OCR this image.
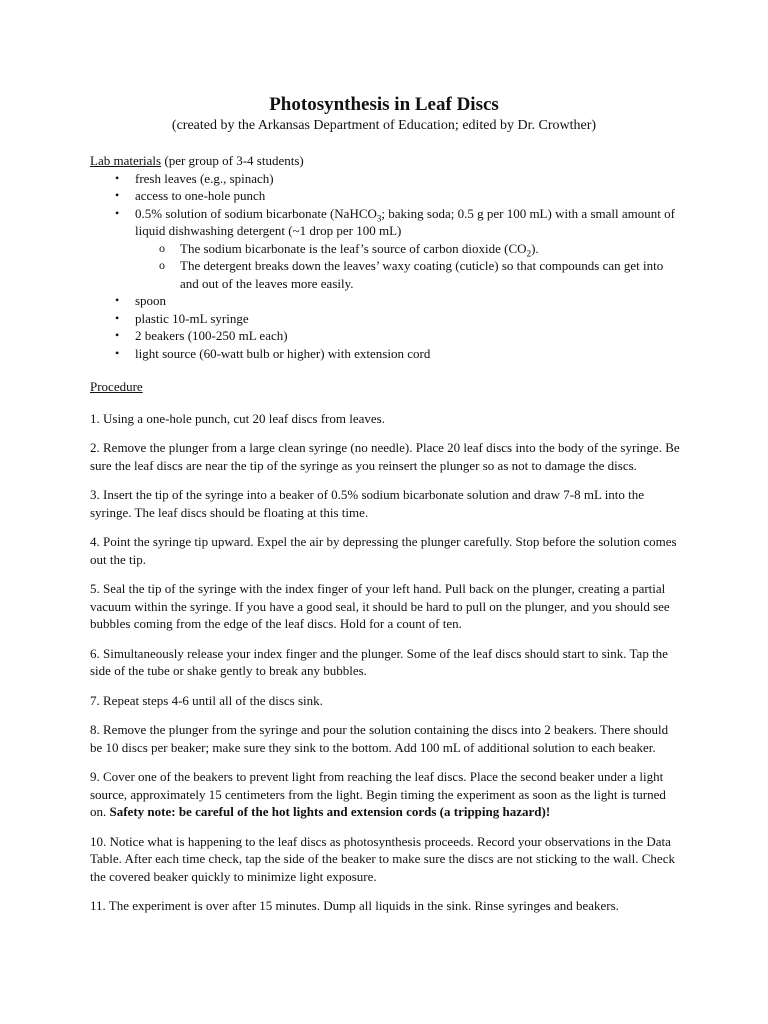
Photosynthesis in Leaf Discs
(created by the Arkansas Department of Education; edited by Dr. Crowther)

Lab materials (per group of 3-4 students)

• fresh leaves (e.g., spinach)
• access to one-hole punch
• 0.5% solution of sodium bicarbonate (NaHCO$_3$; baking soda; 0.5 g per 100 mL) with a small amount of liquid dishwashing detergent (~1 drop per 100 mL)
o The sodium bicarbonate is the leaf’s source of carbon dioxide $(CO_2)$.
o The detergent breaks down the leaves’ waxy coating (cuticle) so that compounds can get into and out of the leaves more easily.
• spoon
• plastic 10-mL syringe
• 2 beakers (100-250 mL each)
• light source (60-watt bulb or higher) with extension cord

Procedure

1. Using a one-hole punch, cut 20 leaf discs from leaves.

2. Remove the plunger from a large clean syringe (no needle). Place 20 leaf discs into the body of the syringe. Be sure the leaf discs are near the tip of the syringe as you reinsert the plunger so as not to damage the discs.

3. Insert the tip of the syringe into a beaker of 0.5% sodium bicarbonate solution and draw 7-8 mL into the syringe. The leaf discs should be floating at this time.

4. Point the syringe tip upward. Expel the air by depressing the plunger carefully. Stop before the solution comes out the tip.

5. Seal the tip of the syringe with the index finger of your left hand. Pull back on the plunger, creating a partial vacuum within the syringe. If you have a good seal, it should be hard to pull on the plunger, and you should see bubbles coming from the edge of the leaf discs. Hold for a count of ten.

6. Simultaneously release your index finger and the plunger. Some of the leaf discs should start to sink. Tap the side of the tube or shake gently to break any bubbles.

7. Repeat steps 4-6 until all of the discs sink.

8. Remove the plunger from the syringe and pour the solution containing the discs into 2 beakers. There should be 10 discs per beaker; make sure they sink to the bottom. Add 100 mL of additional solution to each beaker.

9. Cover one of the beakers to prevent light from reaching the leaf discs. Place the second beaker under a light source, approximately 15 centimeters from the light. Begin timing the experiment as soon as the light is turned on. Safety note: be careful of the hot lights and extension cords (a tripping hazard)!

10. Notice what is happening to the leaf discs as photosynthesis proceeds. Record your observations in the Data Table. After each time check, tap the side of the beaker to make sure the discs are not sticking to the wall. Check the covered beaker quickly to minimize light exposure.

11. The experiment is over after 15 minutes. Dump all liquids in the sink. Rinse syringes and beakers.
